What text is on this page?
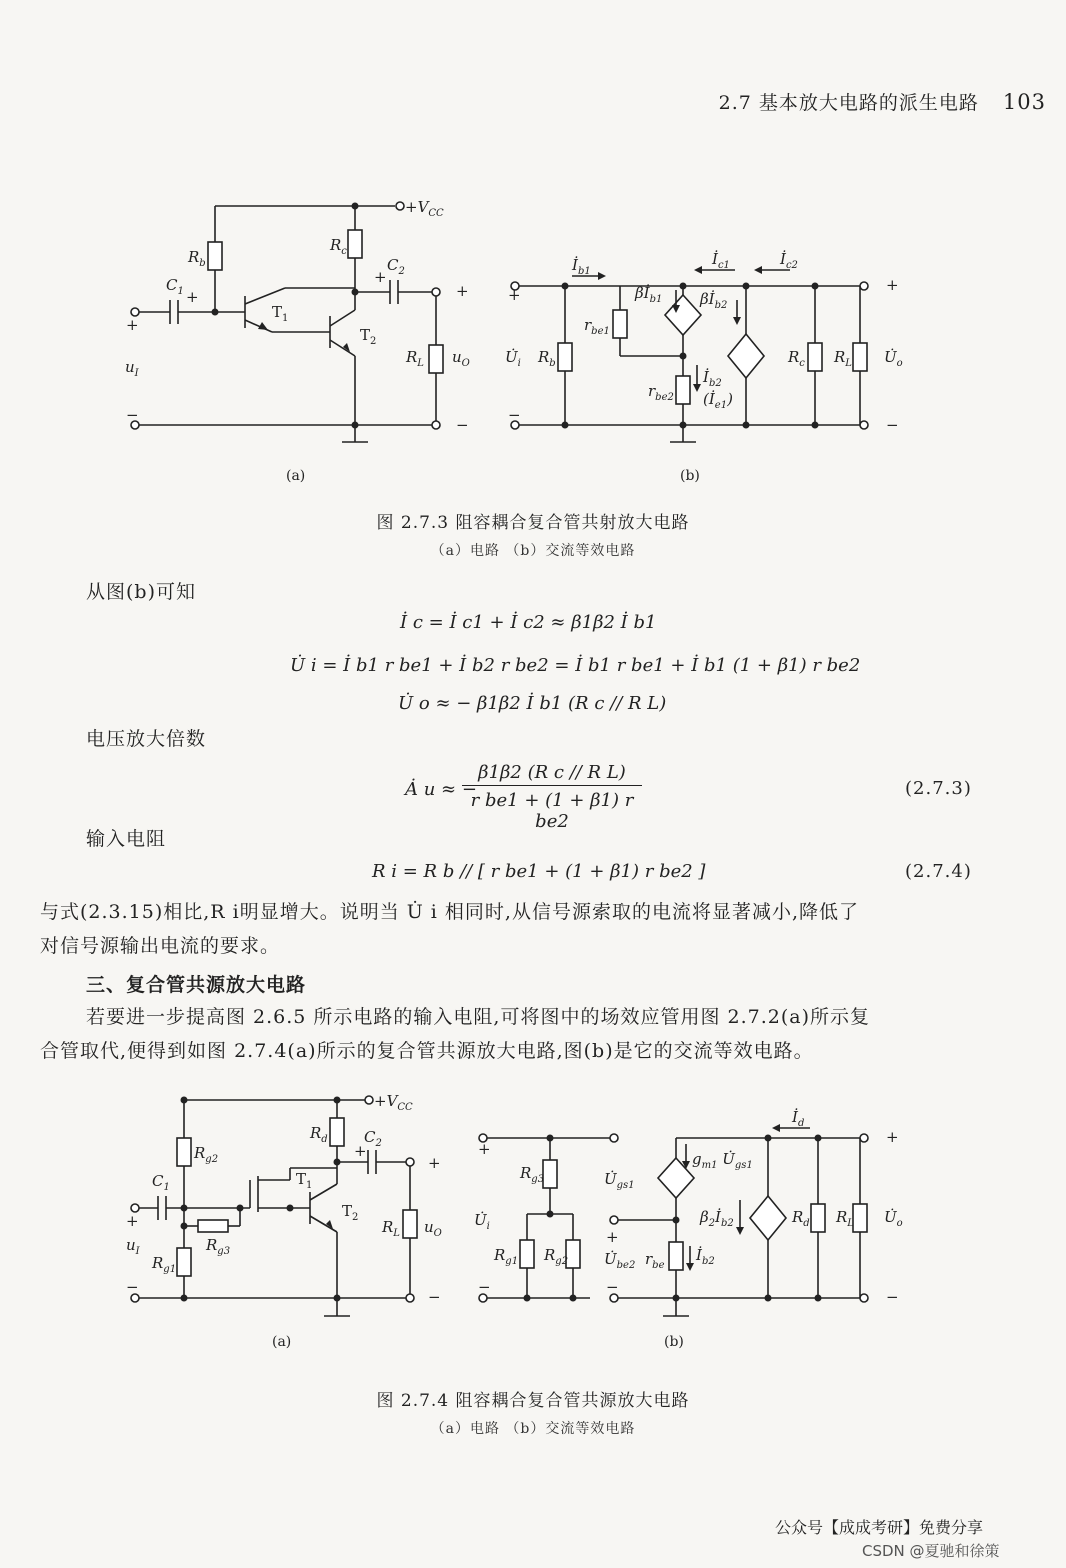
2.7 基本放大电路的派生电路 103
$+V_{CC}$
$R_b$
$R_c$
$C_1$ +
$C_2$
+
$T_1$
$T_2$
$R_L$ $u_O$
$u_I$
+
−
+
−
(a)
+
−
$U̇_i$ $R_b$
$İ_{b1}$
$r_{be1}$
$\beta İ_{b1}$	$\beta İ_{b2}$
$İ_{c1}$	$İ_{c2}$
$r_{be2}$
$İ_{b2}$
$(İ_{e1})$
$R_c$ $R_L$ $U̇_o$
+
−
(b)
图 2.7.3 阻容耦合复合管共射放大电路
（a）电路 （b）交流等效电路
从图(b)可知
İ c = İ c1 + İ c2 ≈ β1β2 İ b1
U̇ i = İ b1 r be1 + İ b2 r be2 = İ b1 r be1 + İ b1 (1 + β1) r be2
U̇ o ≈ − β1β2 İ b1 (R c // R L)
电压放大倍数
Ȧ u ≈ −
$\frac{\text{β1β2 (R c // R L)}}{\text{r be1 + (1 + β1) r be2}}$	(2.7.3)
输入电阻
R i = R b // [ r be1 + (1 + β1) r be2 ]	(2.7.4)
与式(2.3.15)相比,R i明显增大。说明当 U̇ i 相同时,从信号源索取的电流将显著减小,降低了
对信号源输出电流的要求。
三、复合管共源放大电路
若要进一步提高图 2.6.5 所示电路的输入电阻,可将图中的场效应管用图 2.7.2(a)所示复
合管取代,便得到如图 2.7.4(a)所示的复合管共源放大电路,图(b)是它的交流等效电路。
$+V_{CC}$
$R_{g2}$
$R_{g1}$
$R_{g3}$
$C_1$
$R_d$ $C_2$
+
$T_1$
$T_2$
$R_L$ $u_O$
$u_I$
+
−
+
−
(a)
+
−
$U̇_i$
$R_{g3}$
$R_{g1}$ $R_{g2}$
$U̇_{gs1}$
+
$U̇_{be2}$
−
$r_{be}$
$İ_{b2}$
$g_{m1}$ $U̇_{gs1}$
$\beta_2İ_{b2}$
$İ_d$
$R_d$ $R_L$ $U̇_o$
+
−
(b)
图 2.7.4 阻容耦合复合管共源放大电路
（a）电路 （b）交流等效电路
公众号【成成考研】免费分享
CSDN @夏驰和徐策
